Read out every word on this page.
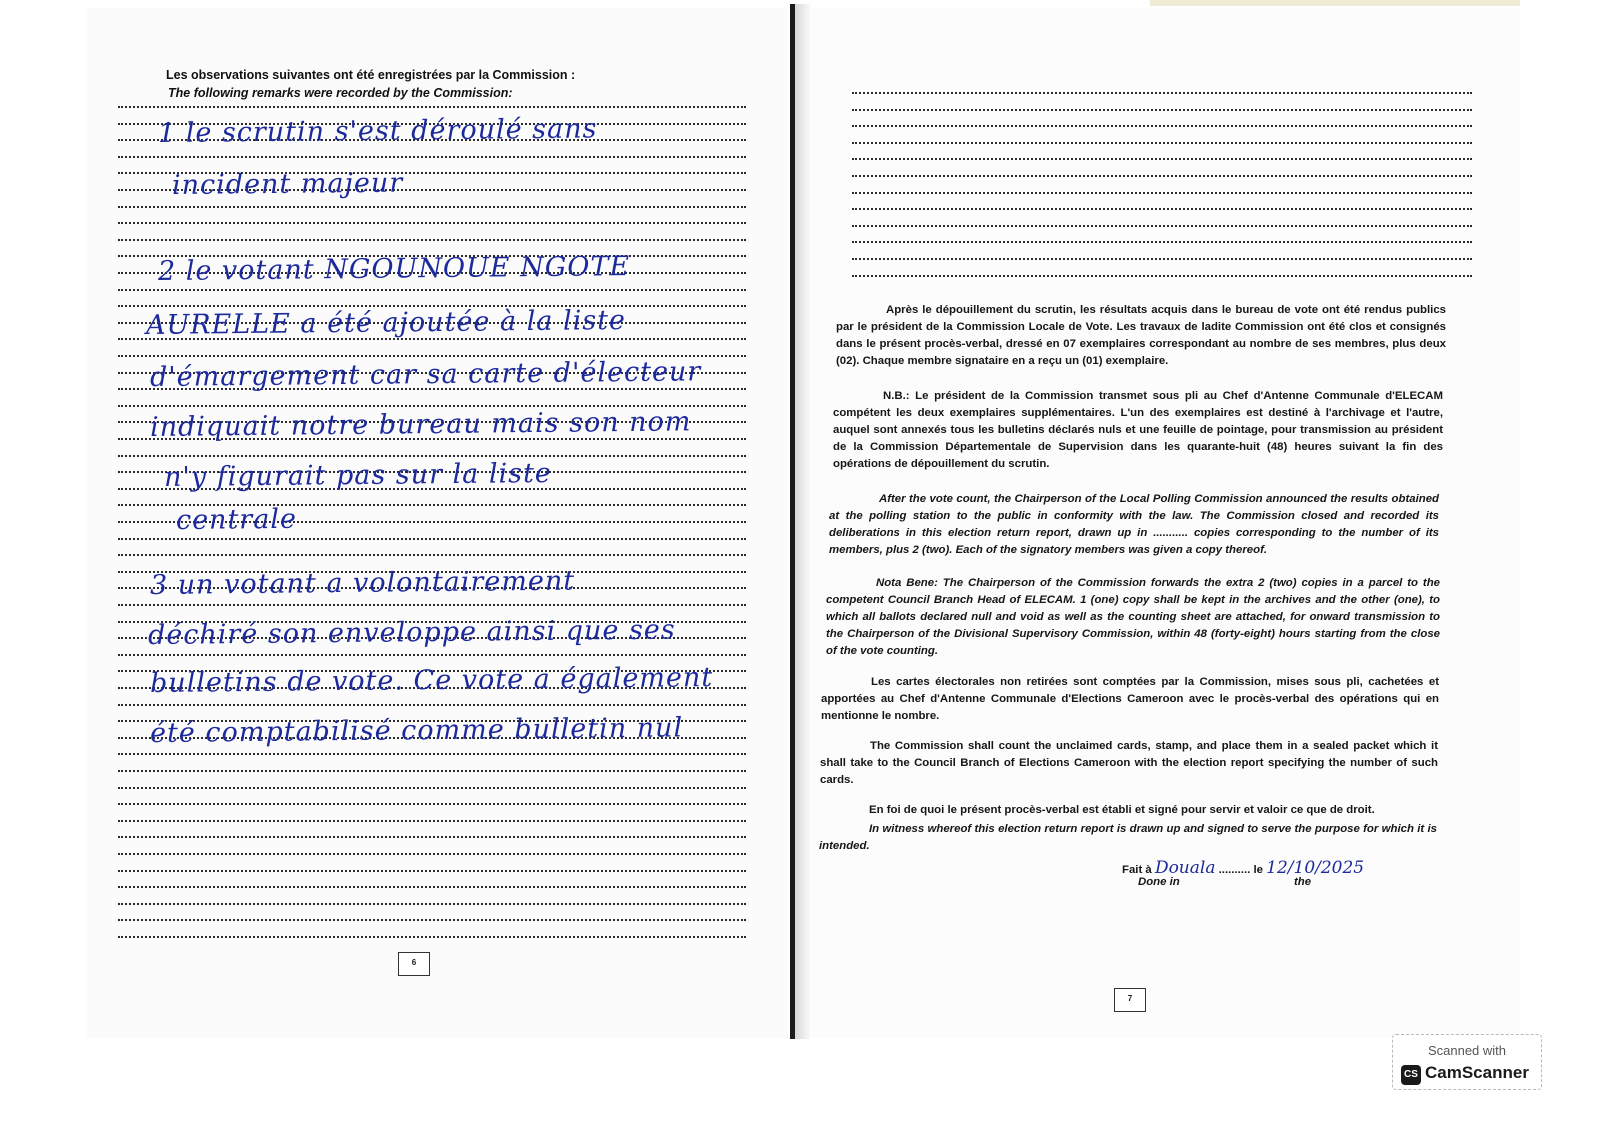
Les observations suivantes ont été enregistrées par la Commission :
The following remarks were recorded by the Commission:
1 le scrutin s'est déroulé sans
incident majeur
2 le votant NGOUNOUE NGOTE
AURELLE a été ajoutée à la liste
d'émargement car sa carte d'électeur
indiquait notre bureau mais son nom
n'y figurait pas sur la liste
centrale
3 un votant a volontairement
déchiré son enveloppe ainsi que ses
bulletins de vote. Ce vote a également
été comptabilisé comme bulletin nul
6

Après le dépouillement du scrutin, les résultats acquis dans le bureau de vote ont été rendus publics par le président de la Commission Locale de Vote. Les travaux de ladite Commission ont été clos et consignés dans le présent procès-verbal, dressé en 07 exemplaires correspondant au nombre de ses membres, plus deux (02). Chaque membre signataire en a reçu un (01) exemplaire.

N.B.: Le président de la Commission transmet sous pli au Chef d'Antenne Communale d'ELECAM compétent les deux exemplaires supplémentaires. L'un des exemplaires est destiné à l'archivage et l'autre, auquel sont annexés tous les bulletins déclarés nuls et une feuille de pointage, pour transmission au président de la Commission Départementale de Supervision dans les quarante-huit (48) heures suivant la fin des opérations de dépouillement du scrutin.

After the vote count, the Chairperson of the Local Polling Commission announced the results obtained at the polling station to the public in conformity with the law. The Commission closed and recorded its deliberations in this election return report, drawn up in ........... copies corresponding to the number of its members, plus 2 (two). Each of the signatory members was given a copy thereof.

Nota Bene: The Chairperson of the Commission forwards the extra 2 (two) copies in a parcel to the competent Council Branch Head of ELECAM. 1 (one) copy shall be kept in the archives and the other (one), to which all ballots declared null and void as well as the counting sheet are attached, for onward transmission to the Chairperson of the Divisional Supervisory Commission, within 48 (forty-eight) hours starting from the close of the vote counting.

Les cartes électorales non retirées sont comptées par la Commission, mises sous pli, cachetées et apportées au Chef d'Antenne Communale d'Elections Cameroon avec le procès-verbal des opérations qui en mentionne le nombre.

The Commission shall count the unclaimed cards, stamp, and place them in a sealed packet which it shall take to the Council Branch of Elections Cameroon with the election report specifying the number of such cards.

En foi de quoi le présent procès-verbal est établi et signé pour servir et valoir ce que de droit.

In witness whereof this election return report is drawn up and signed to serve the purpose for which it is intended.

Fait à Douala .......... le 12/10/2025
Done in	the
7
Scanned with
CS CamScanner
